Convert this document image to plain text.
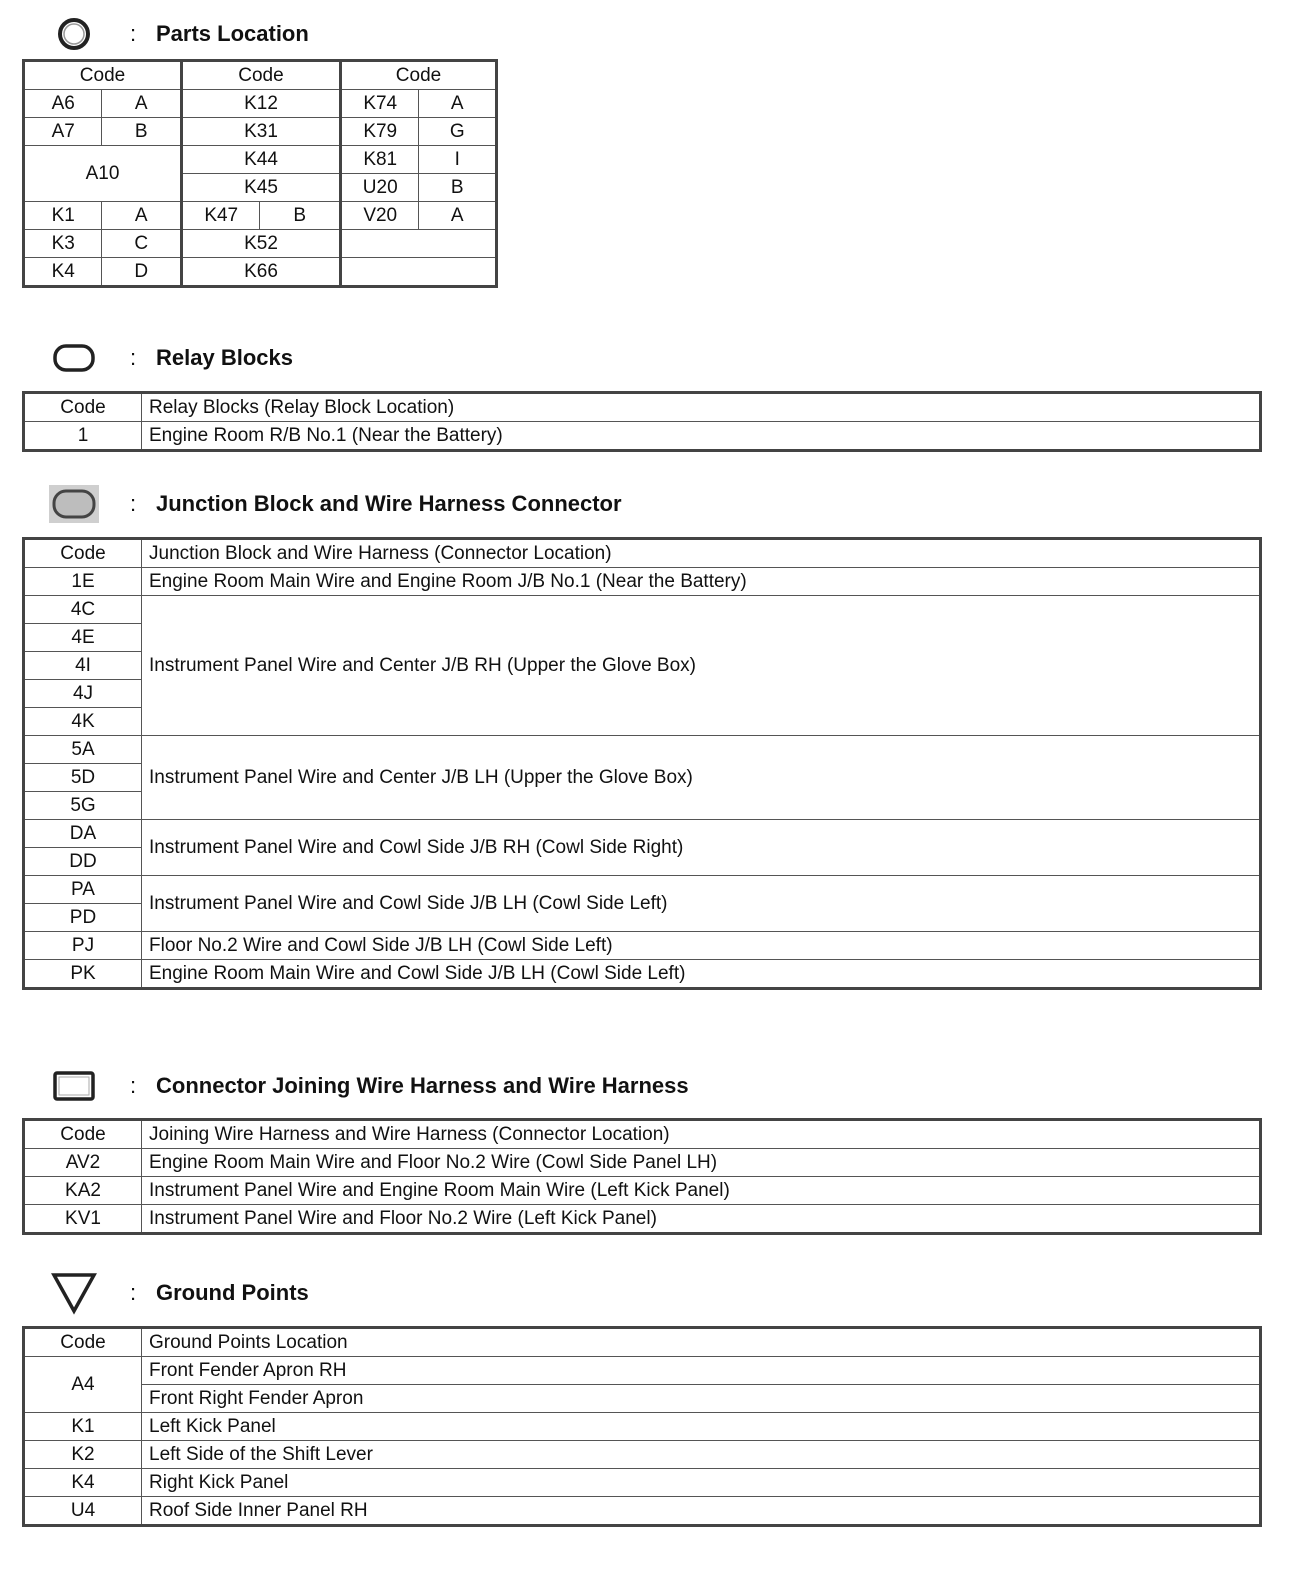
: Parts Location
Code		Code		Code	
A6	A	K12		K74	A
A7	B	K31		K79	G
A10		K44		K81	I
		K45		U20	B
K1	A	K47	B	V20	A
K3	C	K52			
K4	D	K66			
: Relay Blocks
Code	Relay Blocks (Relay Block Location)
1	Engine Room R/B No.1 (Near the Battery)
: Junction Block and Wire Harness Connector
Code	Junction Block and Wire Harness (Connector Location)
1E	Engine Room Main Wire and Engine Room J/B No.1 (Near the Battery)
4C	Instrument Panel Wire and Center J/B RH (Upper the Glove Box)
4E	
4I	
4J	
4K	
5A	Instrument Panel Wire and Center J/B LH (Upper the Glove Box)
5D	
5G	
DA	Instrument Panel Wire and Cowl Side J/B RH (Cowl Side Right)
DD	
PA	Instrument Panel Wire and Cowl Side J/B LH (Cowl Side Left)
PD	
PJ	Floor No.2 Wire and Cowl Side J/B LH (Cowl Side Left)
PK	Engine Room Main Wire and Cowl Side J/B LH (Cowl Side Left)
: Connector Joining Wire Harness and Wire Harness
Code	Joining Wire Harness and Wire Harness (Connector Location)
AV2	Engine Room Main Wire and Floor No.2 Wire (Cowl Side Panel LH)
KA2	Instrument Panel Wire and Engine Room Main Wire (Left Kick Panel)
KV1	Instrument Panel Wire and Floor No.2 Wire (Left Kick Panel)
: Ground Points
Code	Ground Points Location
A4	Front Fender Apron RH
	Front Right Fender Apron
K1	Left Kick Panel
K2	Left Side of the Shift Lever
K4	Right Kick Panel
U4	Roof Side Inner Panel RH
